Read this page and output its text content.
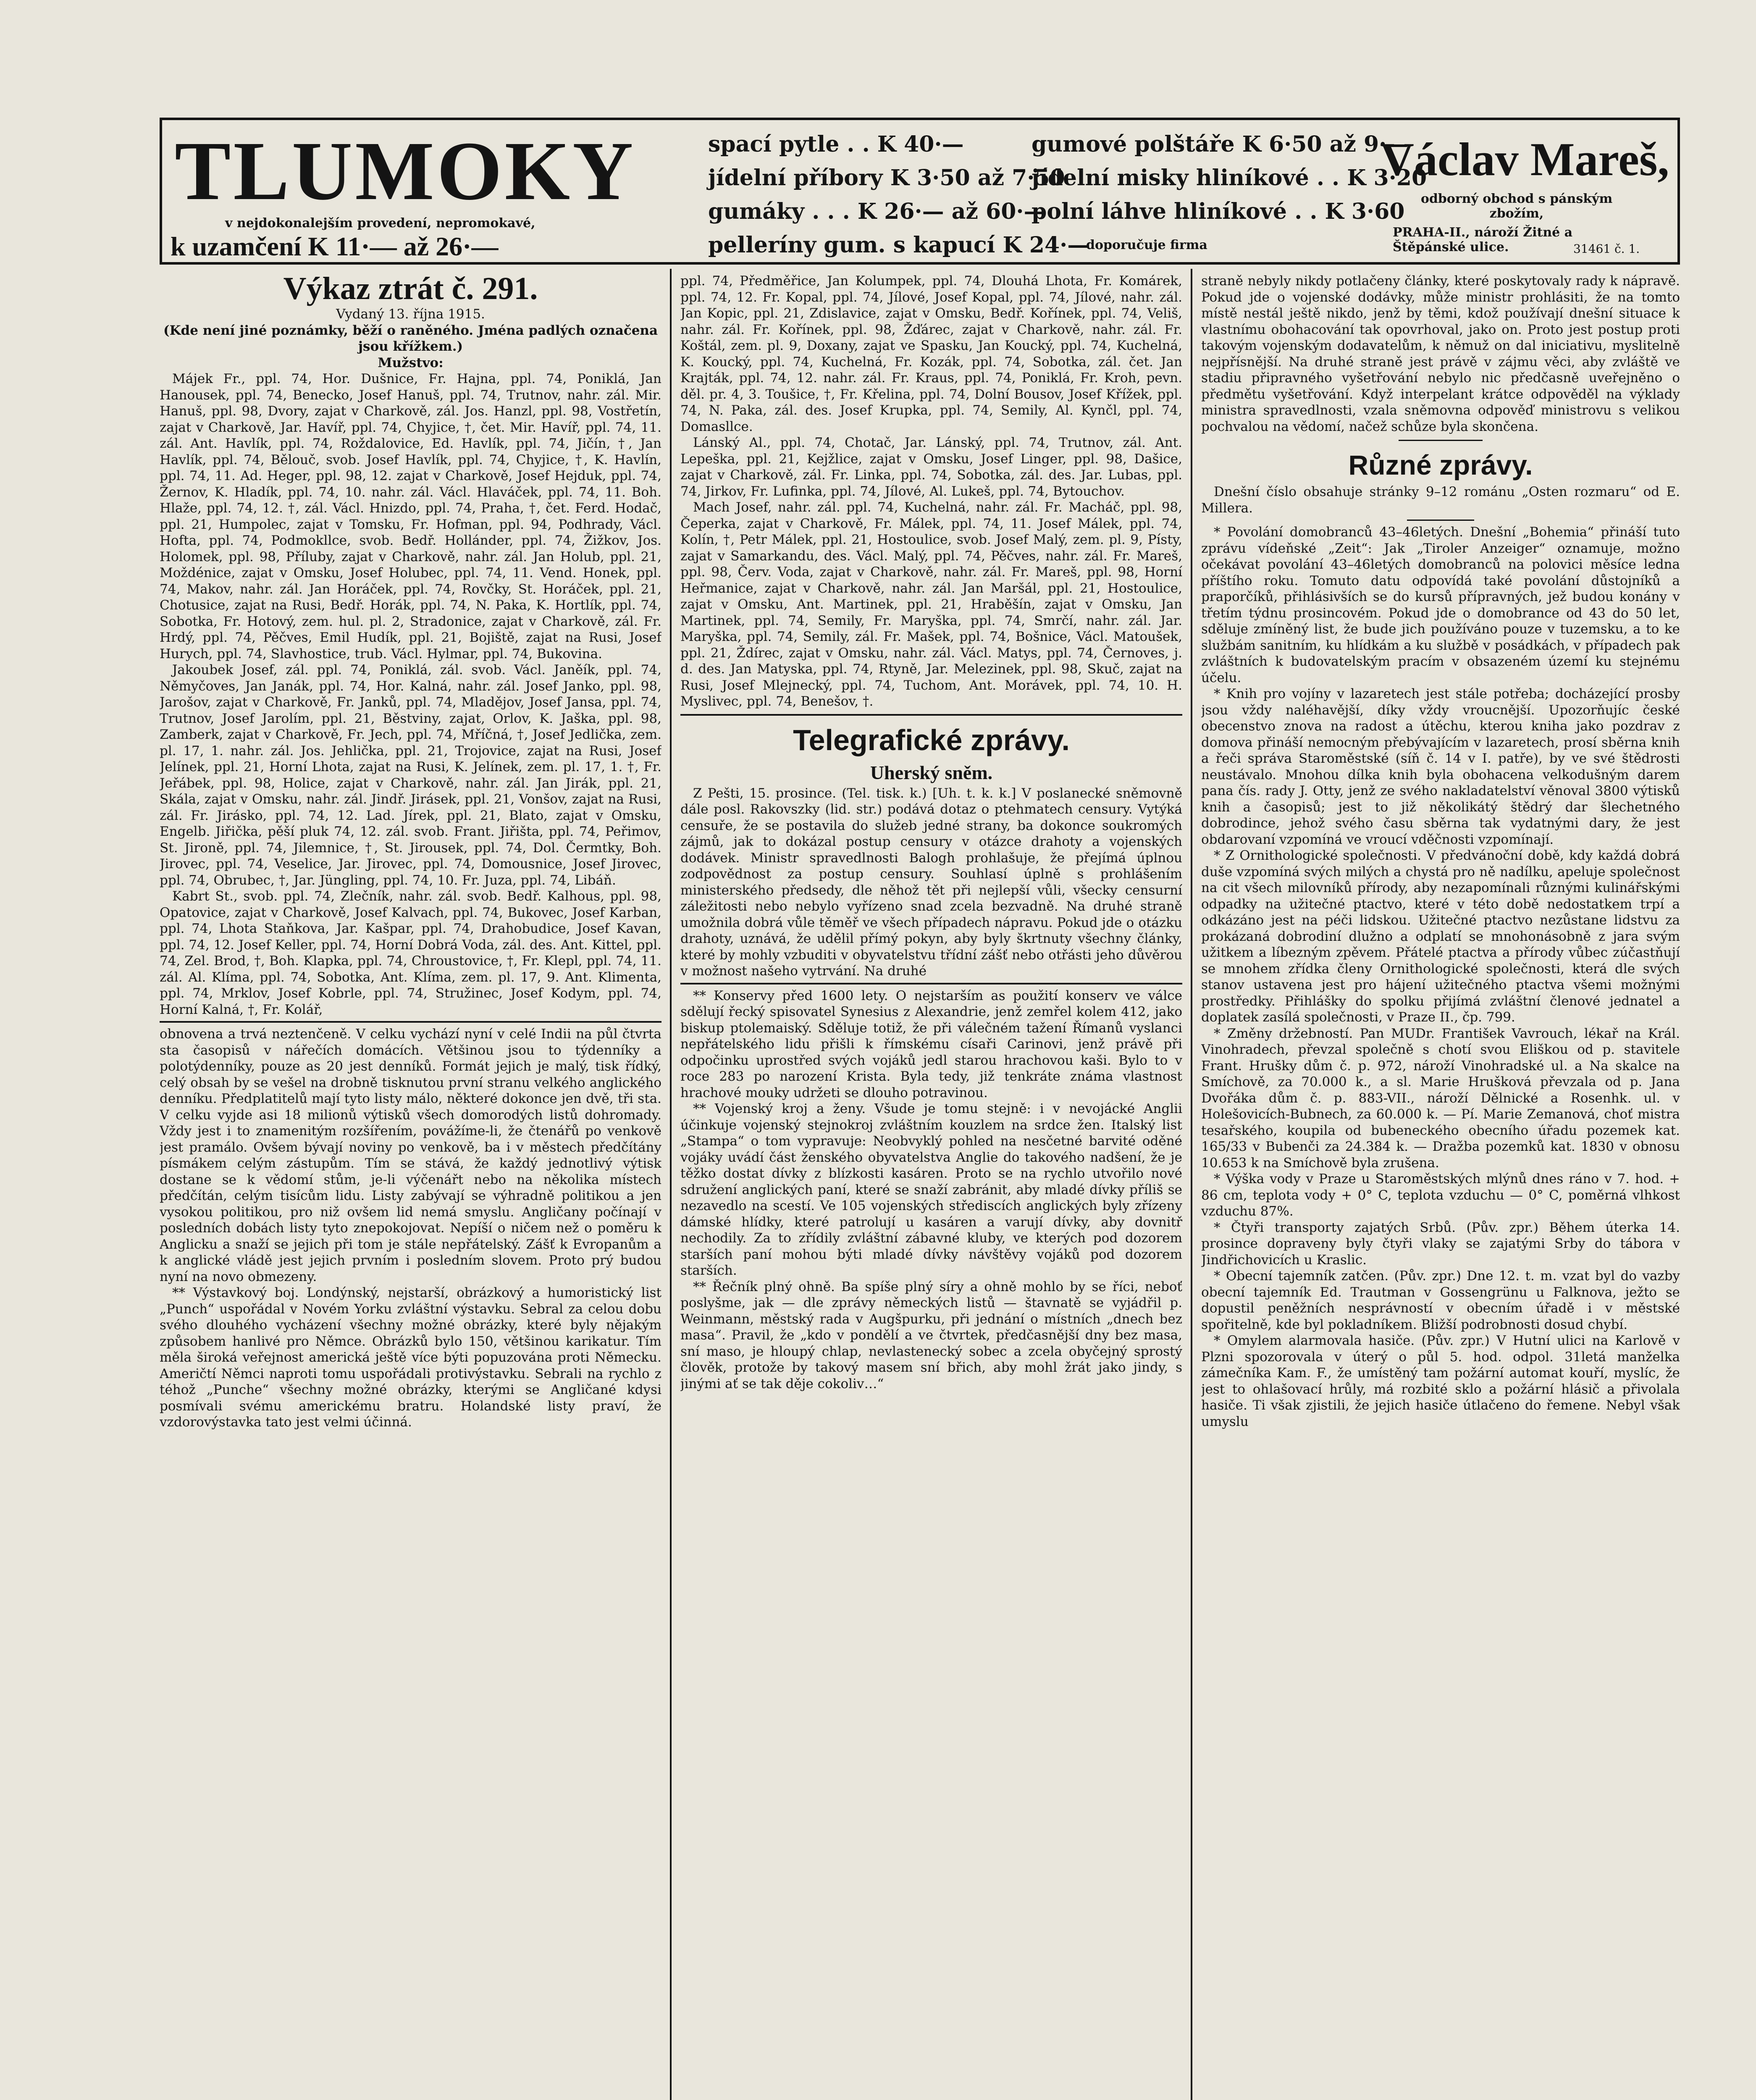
TLUMOKY
v nejdokonalejším provedení, nepromokavé,
k uzamčení K 11·— až 26·—
spací pytle . . K 40·—
jídelní příbory K 3·50 až 7·50
gumáky . . . K 26·— až 60·—
pelleríny gum. s kapucí K 24·—
gumové polštáře K 6·50 až 9·—
jídelní misky hliníkové . . K 3·20
polní láhve hliníkové . . K 3·60
doporučuje firma
Václav Mareš,
odborný obchod s pánským zbožím,
PRAHA-II., nároží Žitné a Štěpánské ulice.	31461 č. 1.
Výkaz ztrát č. 291.
Vydaný 13. října 1915.
(Kde není jiné poznámky, běží o raněného. Jména padlých označena jsou křížkem.)
Mužstvo:

Májek Fr., ppl. 74, Hor. Dušnice, Fr. Hajna, ppl. 74, Poniklá, Jan Hanousek, ppl. 74, Benecko, Josef Hanuš, ppl. 74, Trutnov, nahr. zál. Mir. Hanuš, ppl. 98, Dvory, zajat v Charkově, zál. Jos. Hanzl, ppl. 98, Vostřetín, zajat v Charkově, Jar. Havíř, ppl. 74, Chyjice, †, čet. Mir. Havíř, ppl. 74, 11. zál. Ant. Havlík, ppl. 74, Roždalovice, Ed. Havlík, ppl. 74, Jičín, †, Jan Havlík, ppl. 74, Bělouč, svob. Josef Havlík, ppl. 74, Chyjice, †, K. Havlín, ppl. 74, 11. Ad. Heger, ppl. 98, 12. zajat v Charkově, Josef Hejduk, ppl. 74, Žernov, K. Hladík, ppl. 74, 10. nahr. zál. Václ. Hlaváček, ppl. 74, 11. Boh. Hlaže, ppl. 74, 12. †, zál. Václ. Hnizdo, ppl. 74, Praha, †, čet. Ferd. Hodač, ppl. 21, Humpolec, zajat v Tomsku, Fr. Hofman, ppl. 94, Podhrady, Václ. Hofta, ppl. 74, Podmokllce, svob. Bedř. Hollánder, ppl. 74, Žižkov, Jos. Holomek, ppl. 98, Příluby, zajat v Charkově, nahr. zál. Jan Holub, ppl. 21, Moždénice, zajat v Omsku, Josef Holubec, ppl. 74, 11. Vend. Honek, ppl. 74, Makov, nahr. zál. Jan Horáček, ppl. 74, Rovčky, St. Horáček, ppl. 21, Chotusice, zajat na Rusi, Bedř. Horák, ppl. 74, N. Paka, K. Hortlík, ppl. 74, Sobotka, Fr. Hotový, zem. hul. pl. 2, Stradonice, zajat v Charkově, zál. Fr. Hrdý, ppl. 74, Pěčves, Emil Hudík, ppl. 21, Bojiště, zajat na Rusi, Josef Hurych, ppl. 74, Slavhostice, trub. Václ. Hylmar, ppl. 74, Bukovina.

Jakoubek Josef, zál. ppl. 74, Poniklá, zál. svob. Václ. Janěík, ppl. 74, Němyčoves, Jan Janák, ppl. 74, Hor. Kalná, nahr. zál. Josef Janko, ppl. 98, Jarošov, zajat v Charkově, Fr. Janků, ppl. 74, Mladějov, Josef Jansa, ppl. 74, Trutnov, Josef Jarolím, ppl. 21, Běstviny, zajat, Orlov, K. Jaška, ppl. 98, Zamberk, zajat v Charkově, Fr. Jech, ppl. 74, Mříčná, †, Josef Jedlička, zem. pl. 17, 1. nahr. zál. Jos. Jehlička, ppl. 21, Trojovice, zajat na Rusi, Josef Jelínek, ppl. 21, Horní Lhota, zajat na Rusi, K. Jelínek, zem. pl. 17, 1. †, Fr. Jeřábek, ppl. 98, Holice, zajat v Charkově, nahr. zál. Jan Jirák, ppl. 21, Skála, zajat v Omsku, nahr. zál. Jindř. Jirásek, ppl. 21, Vonšov, zajat na Rusi, zál. Fr. Jirásko, ppl. 74, 12. Lad. Jírek, ppl. 21, Blato, zajat v Omsku, Engelb. Jiřička, pěší pluk 74, 12. zál. svob. Frant. Jiřišta, ppl. 74, Peřimov, St. Jironě, ppl. 74, Jilemnice, †, St. Jirousek, ppl. 74, Dol. Čermtky, Boh. Jirovec, ppl. 74, Veselice, Jar. Jirovec, ppl. 74, Domousnice, Josef Jirovec, ppl. 74, Obrubec, †, Jar. Jüngling, ppl. 74, 10. Fr. Juza, ppl. 74, Libáň.

Kabrt St., svob. ppl. 74, Zlečník, nahr. zál. svob. Bedř. Kalhous, ppl. 98, Opatovice, zajat v Charkově, Josef Kalvach, ppl. 74, Bukovec, Josef Karban, ppl. 74, Lhota Staňkova, Jar. Kašpar, ppl. 74, Drahobudice, Josef Kavan, ppl. 74, 12. Josef Keller, ppl. 74, Horní Dobrá Voda, zál. des. Ant. Kittel, ppl. 74, Zel. Brod, †, Boh. Klapka, ppl. 74, Chroustovice, †, Fr. Klepl, ppl. 74, 11. zál. Al. Klíma, ppl. 74, Sobotka, Ant. Klíma, zem. pl. 17, 9. Ant. Klimenta, ppl. 74, Mrklov, Josef Kobrle, ppl. 74, Stružinec, Josef Kodym, ppl. 74, Horní Kalná, †, Fr. Kolář,

obnovena a trvá neztenčeně. V celku vychází nyní v celé Indii na půl čtvrta sta časopisů v nářečích domácích. Většinou jsou to týdenníky a polotýdenníky, pouze as 20 jest denníků. Formát jejich je malý, tisk řídký, celý obsah by se vešel na drobně tisknutou první stranu velkého anglického denníku. Předplatitelů mají tyto listy málo, některé dokonce jen dvě, tři sta. V celku vyjde asi 18 milionů výtisků všech domorodých listů dohromady. Vždy jest i to znamenitým rozšířením, povážíme-li, že čtenářů po venkově jest pramálo. Ovšem bývají noviny po venkově, ba i v městech předčítány písmákem celým zástupům. Tím se stává, že každý jednotlivý výtisk dostane se k vědomí stům, je-li výčenářt nebo na několika místech předčítán, celým tisícům lidu. Listy zabývají se výhradně politikou a jen vysokou politikou, pro niž ovšem lid nemá smyslu. Angličany počínají v posledních dobách listy tyto znepokojovat. Nepíší o ničem než o poměru k Anglicku a snaží se jejich při tom je stále nepřátelský. Zášť k Evropanům a k anglické vládě jest jejich prvním i posledním slovem. Proto prý budou nyní na novo obmezeny.

** Výstavkový boj. Londýnský, nejstarší, obrázkový a humoristický list „Punch“ uspořádal v Novém Yorku zvláštní výstavku. Sebral za celou dobu svého dlouhého vycházení všechny možné obrázky, které byly nějakým způsobem hanlivé pro Němce. Obrázků bylo 150, většinou karikatur. Tím měla široká veřejnost americká ještě více býti popuzována proti Německu. Američtí Němci naproti tomu uspořádali protivýstavku. Sebrali na rychlo z téhož „Punche“ všechny možné obrázky, kterými se Angličané kdysi posmívali svému americkému bratru. Holandské listy praví, že vzdorovýstavka tato jest velmi účinná.

ppl. 74, Předměřice, Jan Kolumpek, ppl. 74, Dlouhá Lhota, Fr. Komárek, ppl. 74, 12. Fr. Kopal, ppl. 74, Jílové, Josef Kopal, ppl. 74, Jílové, nahr. zál. Jan Kopic, ppl. 21, Zdislavice, zajat v Omsku, Bedř. Kořínek, ppl. 74, Veliš, nahr. zál. Fr. Kořínek, ppl. 98, Žďárec, zajat v Charkově, nahr. zál. Fr. Koštál, zem. pl. 9, Doxany, zajat ve Spasku, Jan Koucký, ppl. 74, Kuchelná, K. Koucký, ppl. 74, Kuchelná, Fr. Kozák, ppl. 74, Sobotka, zál. čet. Jan Krajták, ppl. 74, 12. nahr. zál. Fr. Kraus, ppl. 74, Poniklá, Fr. Kroh, pevn. děl. pr. 4, 3. Toušice, †, Fr. Křelina, ppl. 74, Dolní Bousov, Josef Křížek, ppl. 74, N. Paka, zál. des. Josef Krupka, ppl. 74, Semily, Al. Kynčl, ppl. 74, Domasllce.

Lánský Al., ppl. 74, Chotač, Jar. Lánský, ppl. 74, Trutnov, zál. Ant. Lepeška, ppl. 21, Kejžlice, zajat v Omsku, Josef Linger, ppl. 98, Dašice, zajat v Charkově, zál. Fr. Linka, ppl. 74, Sobotka, zál. des. Jar. Lubas, ppl. 74, Jirkov, Fr. Lufinka, ppl. 74, Jílové, Al. Lukeš, ppl. 74, Bytouchov.

Mach Josef, nahr. zál. ppl. 74, Kuchelná, nahr. zál. Fr. Macháč, ppl. 98, Čeperka, zajat v Charkově, Fr. Málek, ppl. 74, 11. Josef Málek, ppl. 74, Kolín, †, Petr Málek, ppl. 21, Hostoulice, svob. Josef Malý, zem. pl. 9, Písty, zajat v Samarkandu, des. Václ. Malý, ppl. 74, Pěčves, nahr. zál. Fr. Mareš, ppl. 98, Červ. Voda, zajat v Charkově, nahr. zál. Fr. Mareš, ppl. 98, Horní Heřmanice, zajat v Charkově, nahr. zál. Jan Maršál, ppl. 21, Hostoulice, zajat v Omsku, Ant. Martinek, ppl. 21, Hraběšín, zajat v Omsku, Jan Martinek, ppl. 74, Semily, Fr. Maryška, ppl. 74, Smrčí, nahr. zál. Jar. Maryška, ppl. 74, Semily, zál. Fr. Mašek, ppl. 74, Bošnice, Václ. Matoušek, ppl. 21, Ždírec, zajat v Omsku, nahr. zál. Václ. Matys, ppl. 74, Černoves, j. d. des. Jan Matyska, ppl. 74, Rtyně, Jar. Melezinek, ppl. 98, Skuč, zajat na Rusi, Josef Mlejnecký, ppl. 74, Tuchom, Ant. Morávek, ppl. 74, 10. H. Myslivec, ppl. 74, Benešov, †.

Telegrafické zprávy.
Uherský sněm.

Z Pešti, 15. prosince. (Tel. tisk. k.) [Uh. t. k. k.] V poslanecké sněmovně dále posl. Rakovszky (lid. str.) podává dotaz o ptehmatech censury. Vytýká censuře, že se postavila do služeb jedné strany, ba dokonce soukromých zájmů, jak to dokázal postup censury v otázce drahoty a vojenských dodávek. Ministr spravedlnosti Balogh prohlašuje, že přejímá úplnou zodpovědnost za postup censury. Souhlasí úplně s prohlášením ministerského předsedy, dle něhož tět při nejlepší vůli, všecky censurní záležitosti nebo nebylo vyřízeno snad zcela bezvadně. Na druhé straně umožnila dobrá vůle těměř ve všech případech nápravu. Pokud jde o otázku drahoty, uznává, že udělil přímý pokyn, aby byly škrtnuty všechny články, které by mohly vzbuditi v obyvatelstvu třídní zášť nebo otřásti jeho důvěrou v možnost našeho vytrvání. Na druhé

** Konservy před 1600 lety. O nejstarším as použití konserv ve válce sdělují řecký spisovatel Synesius z Alexandrie, jenž zemřel kolem 412, jako biskup ptolemaiský. Sděluje totiž, že při válečném tažení Římanů vyslanci nepřátelského lidu přišli k římskému císaři Carinovi, jenž právě při odpočinku uprostřed svých vojáků jedl starou hrachovou kaši. Bylo to v roce 283 po narození Krista. Byla tedy, již tenkráte známa vlastnost hrachové mouky udržeti se dlouho potravinou.

** Vojenský kroj a ženy. Všude je tomu stejně: i v nevojácké Anglii účinkuje vojenský stejnokroj zvláštním kouzlem na srdce žen. Italský list „Stampa“ o tom vypravuje: Neobvyklý pohled na nesčetné barvité oděné vojáky uvádí část ženského obyvatelstva Anglie do takového nadšení, že je těžko dostat dívky z blízkosti kasáren. Proto se na rychlo utvořilo nové sdružení anglických paní, které se snaží zabránit, aby mladé dívky příliš se nezavedlo na scestí. Ve 105 vojenských střediscích anglických byly zřízeny dámské hlídky, které patrolují u kasáren a varují dívky, aby dovnitř nechodily. Za to zřídily zvláštní zábavné kluby, ve kterých pod dozorem starších paní mohou býti mladé dívky návštěvy vojáků pod dozorem starších.

** Řečník plný ohně. Ba spíše plný síry a ohně mohlo by se říci, neboť poslyšme, jak — dle zprávy německých listů — štavnatě se vyjádřil p. Weinmann, městský rada v Augšpurku, při jednání o místních „dnech bez masa“. Pravil, že „kdo v pondělí a ve čtvrtek, předčasnější dny bez masa, sní maso, je hloupý chlap, nevlastenecký sobec a zcela obyčejný sprostý člověk, protože by takový masem sní břich, aby mohl žrát jako jindy, s jinými ať se tak děje cokoliv…“

straně nebyly nikdy potlačeny články, které poskytovaly rady k nápravě. Pokud jde o vojenské dodávky, může ministr prohlásiti, že na tomto místě nestál ještě nikdo, jenž by těmi, kdož používají dnešní situace k vlastnímu obohacování tak opovrhoval, jako on. Proto jest postup proti takovým vojenským dodavatelům, k němuž on dal iniciativu, myslitelně nejpřísnější. Na druhé straně jest právě v zájmu věci, aby zvláště ve stadiu připravného vyšetřování nebylo nic předčasně uveřejněno o předmětu vyšetřování. Když interpelant krátce odpověděl na výklady ministra spravedlnosti, vzala sněmovna odpověď ministrovu s velikou pochvalou na vědomí, načež schůze byla skončena.

Různé zprávy.

Dnešní číslo obsahuje stránky 9–12 románu „Osten rozmaru“ od E. Millera.

* Povolání domobranců 43–46letých. Dnešní „Bohemia“ přináší tuto zprávu vídeňské „Zeit“: Jak „Tiroler Anzeiger“ oznamuje, možno očekávat povolání 43–46letých domobranců na polovici měsíce ledna příštího roku. Tomuto datu odpovídá také povolání důstojníků a praporčíků, přihlásivších se do kursů přípravných, jež budou konány v třetím týdnu prosincovém. Pokud jde o domobrance od 43 do 50 let, sděluje zmíněný list, že bude jich používáno pouze v tuzemsku, a to ke službám sanitním, ku hlídkám a ku službě v posádkách, v případech pak zvláštních k budovatelským pracím v obsazeném území ku stejnému účelu.

* Knih pro vojíny v lazaretech jest stále potřeba; docházející prosby jsou vždy naléhavější, díky vždy vroucnější. Upozorňujíc české obecenstvo znova na radost a útěchu, kterou kniha jako pozdrav z domova přináší nemocným přebývajícím v lazaretech, prosí sběrna knih a řeči správa Staroměstské (síň č. 14 v I. patře), by ve své štědrosti neustávalo. Mnohou dílka knih byla obohacena velkodušným darem pana čís. rady J. Otty, jenž ze svého nakladatelství věnoval 3800 výtisků knih a časopisů; jest to již několikátý štědrý dar šlechetného dobrodince, jehož svého času sběrna tak vydatnými dary, že jest obdarovaní vzpomíná ve vroucí vděčnosti vzpomínají.

* Z Ornithologické společnosti. V předvánoční době, kdy každá dobrá duše vzpomíná svých milých a chystá pro ně nadílku, apeluje společnost na cit všech milovníků přírody, aby nezapomínali různými kulinářskými odpadky na užitečné ptactvo, které v této době nedostatkem trpí a odkázáno jest na péči lidskou. Užitečné ptactvo nezůstane lidstvu za prokázaná dobrodiní dlužno a odplatí se mnohonásobně z jara svým užitkem a líbezným zpěvem. Přátelé ptactva a přírody vůbec zúčastňují se mnohem zřídka členy Ornithologické společnosti, která dle svých stanov ustavena jest pro hájení užitečného ptactva všemi možnými prostředky. Přihlášky do spolku přijímá zvláštní členové jednatel a doplatek zasílá společnosti, v Praze II., čp. 799.

* Změny držebností. Pan MUDr. František Vavrouch, lékař na Král. Vinohradech, převzal společně s chotí svou Eliškou od p. stavitele Frant. Hrušky dům č. p. 972, nároží Vinohradské ul. a Na skalce na Smíchově, za 70.000 k., a sl. Marie Hrušková převzala od p. Jana Dvořáka dům č. p. 883-VII., nároží Dělnické a Rosenhk. ul. v Holešovicích-Bubnech, za 60.000 k. — Pí. Marie Zemanová, choť mistra tesařského, koupila od bubeneckého obecního úřadu pozemek kat. 165/33 v Bubenči za 24.384 k. — Dražba pozemků kat. 1830 v obnosu 10.653 k na Smíchově byla zrušena.

* Výška vody v Praze u Staroměstských mlýnů dnes ráno v 7. hod. + 86 cm, teplota vody + 0° C, teplota vzduchu — 0° C, poměrná vlhkost vzduchu 87%.

* Čtyři transporty zajatých Srbů. (Pův. zpr.) Během úterka 14. prosince dopraveny byly čtyři vlaky se zajatými Srby do tábora v Jindřichovicích u Kraslic.

* Obecní tajemník zatčen. (Pův. zpr.) Dne 12. t. m. vzat byl do vazby obecní tajemník Ed. Trautman v Gossengrünu u Falknova, ježto se dopustil peněžních nesprávností v obecním úřadě i v městské spořitelně, kde byl pokladníkem. Bližší podrobnosti dosud chybí.

* Omylem alarmovala hasiče. (Pův. zpr.) V Hutní ulici na Karlově v Plzni spozorovala v úterý o půl 5. hod. odpol. 31letá manželka zámečníka Kam. F., že umístěný tam požární automat kouří, myslíc, že jest to ohlašovací hrůly, má rozbité sklo a požární hlásič a přivolala hasiče. Ti však zjistili, že jejich hasiče útlačeno do řemene. Nebyl však umyslu
